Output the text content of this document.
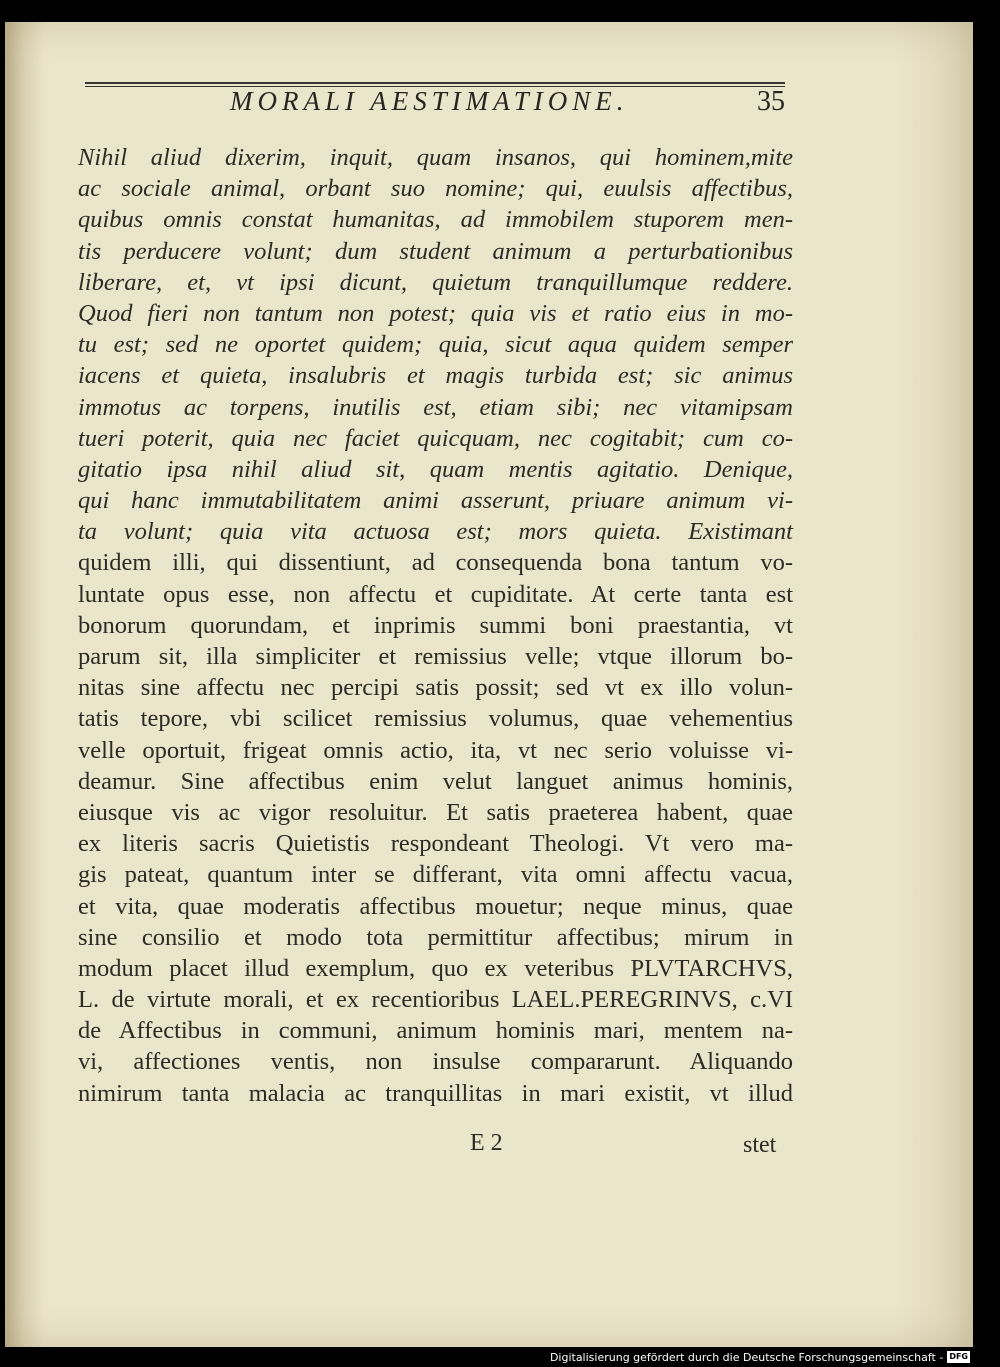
MORALI AESTIMATIONE.	35
Nihil aliud dixerim, inquit, quam insanos, qui hominem,mite
ac sociale animal, orbant suo nomine; qui, euulsis affectibus,
quibus omnis constat humanitas, ad immobilem stuporem men-
tis perducere volunt; dum student animum a perturbationibus
liberare, et, vt ipsi dicunt, quietum tranquillumque reddere.
Quod fieri non tantum non potest; quia vis et ratio eius in mo-
tu est; sed ne oportet quidem; quia, sicut aqua quidem semper
iacens et quieta, insalubris et magis turbida est; sic animus
immotus ac torpens, inutilis est, etiam sibi; nec vitamipsam
tueri poterit, quia nec faciet quicquam, nec cogitabit; cum co-
gitatio ipsa nihil aliud sit, quam mentis agitatio. Denique,
qui hanc immutabilitatem animi asserunt, priuare animum vi-
ta volunt; quia vita actuosa est; mors quieta. Existimant
quidem illi, qui dissentiunt, ad consequenda bona tantum vo-
luntate opus esse, non affectu et cupiditate. At certe tanta est
bonorum quorundam, et inprimis summi boni praestantia, vt
parum sit, illa simpliciter et remissius velle; vtque illorum bo-
nitas sine affectu nec percipi satis possit; sed vt ex illo volun-
tatis tepore, vbi scilicet remissius volumus, quae vehementius
velle oportuit, frigeat omnis actio, ita, vt nec serio voluisse vi-
deamur. Sine affectibus enim velut languet animus hominis,
eiusque vis ac vigor resoluitur. Et satis praeterea habent, quae
ex literis sacris Quietistis respondeant Theologi. Vt vero ma-
gis pateat, quantum inter se differant, vita omni affectu vacua,
et vita, quae moderatis affectibus mouetur; neque minus, quae
sine consilio et modo tota permittitur affectibus; mirum in
modum placet illud exemplum, quo ex veteribus PLVTARCHVS,
L. de virtute morali, et ex recentioribus LAEL.PEREGRINVS, c.VI
de Affectibus in communi, animum hominis mari, mentem na-
vi, affectiones ventis, non insulse compararunt. Aliquando
nimirum tanta malacia ac tranquillitas in mari existit, vt illud
E 2	stet
Digitalisierung gefördert durch die Deutsche Forschungsgemeinschaft - DFG
